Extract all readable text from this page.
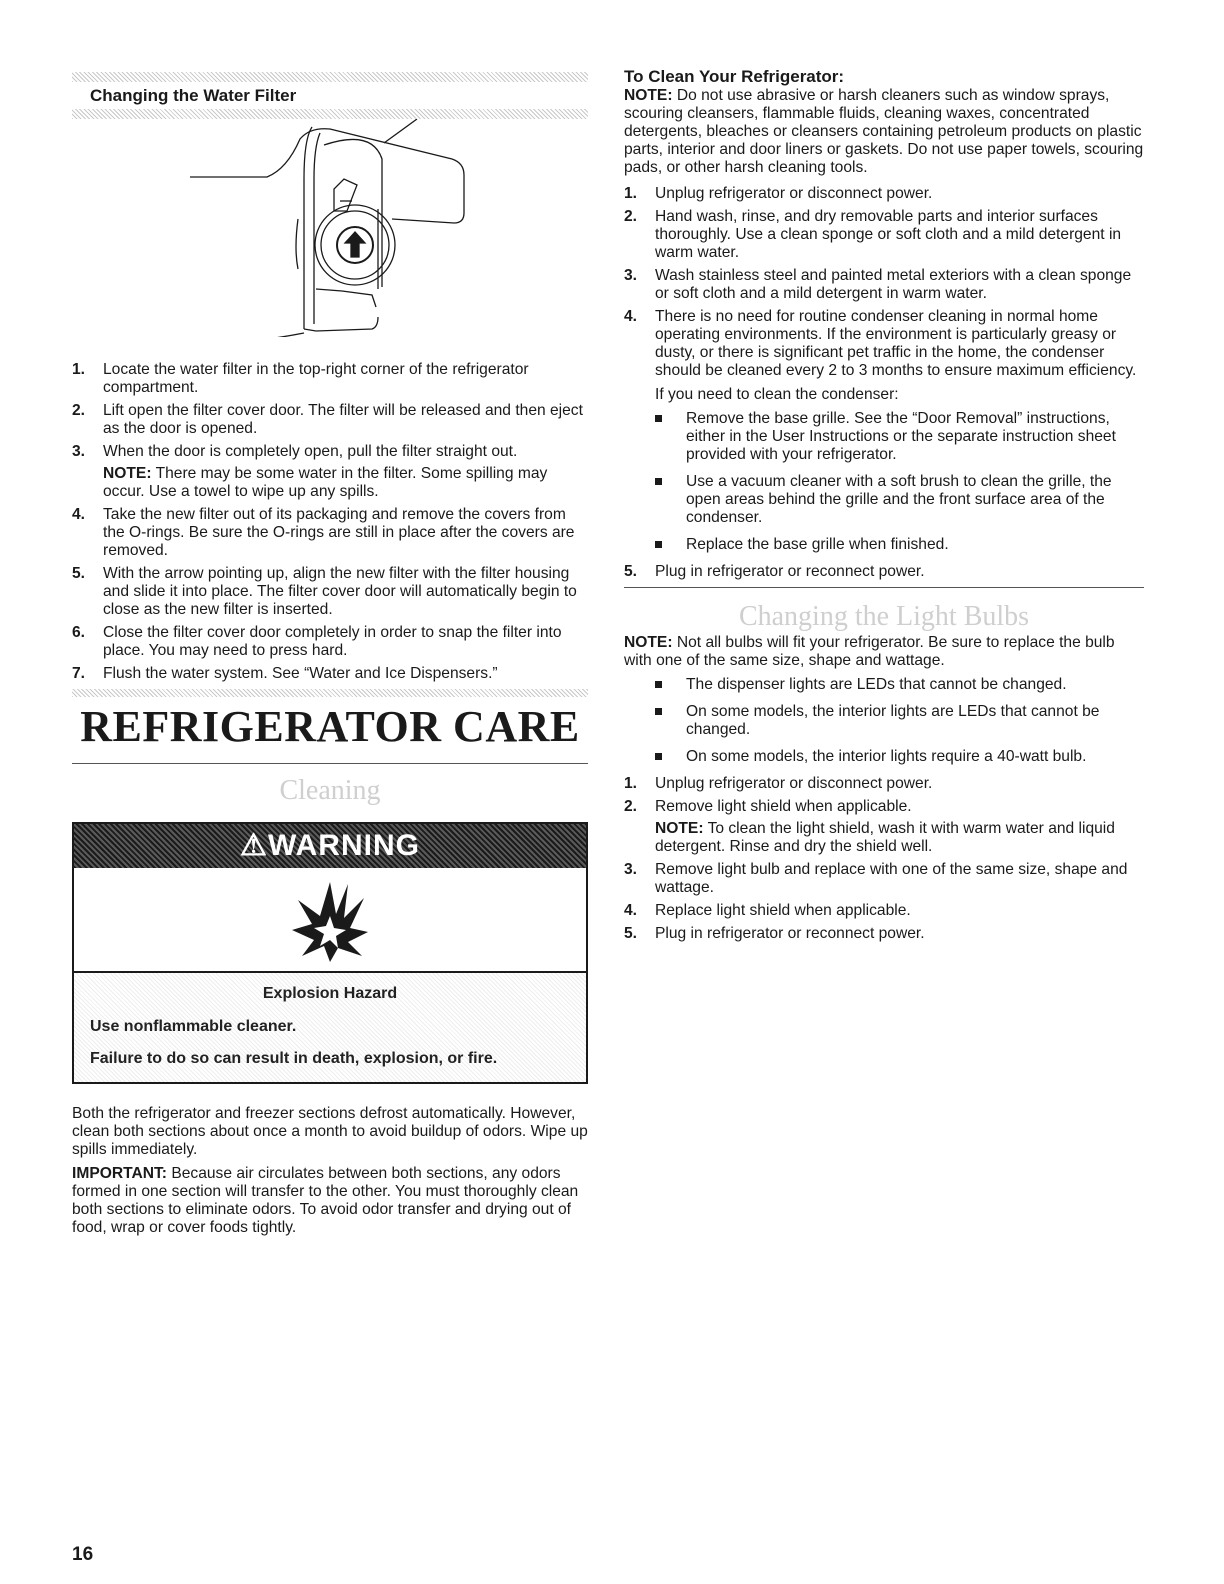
Changing the Water Filter
1. Locate the water filter in the top-right corner of the refrigerator compartment.
2. Lift open the filter cover door. The filter will be released and then eject as the door is opened.
3. When the door is completely open, pull the filter straight out.
NOTE: There may be some water in the filter. Some spilling may occur. Use a towel to wipe up any spills.
4. Take the new filter out of its packaging and remove the covers from the O-rings. Be sure the O-rings are still in place after the covers are removed.
5. With the arrow pointing up, align the new filter with the filter housing and slide it into place. The filter cover door will automatically begin to close as the new filter is inserted.
6. Close the filter cover door completely in order to snap the filter into place. You may need to press hard.
7. Flush the water system. See “Water and Ice Dispensers.”
REFRIGERATOR CARE
Cleaning
⚠WARNING

Explosion Hazard

Use nonflammable cleaner.

Failure to do so can result in death, explosion, or fire.

Both the refrigerator and freezer sections defrost automatically. However, clean both sections about once a month to avoid buildup of odors. Wipe up spills immediately.

IMPORTANT: Because air circulates between both sections, any odors formed in one section will transfer to the other. You must thoroughly clean both sections to eliminate odors. To avoid odor transfer and drying out of food, wrap or cover foods tightly.

To Clean Your Refrigerator:

NOTE: Do not use abrasive or harsh cleaners such as window sprays, scouring cleansers, flammable fluids, cleaning waxes, concentrated detergents, bleaches or cleansers containing petroleum products on plastic parts, interior and door liners or gaskets. Do not use paper towels, scouring pads, or other harsh cleaning tools.

1. Unplug refrigerator or disconnect power.
2. Hand wash, rinse, and dry removable parts and interior surfaces thoroughly. Use a clean sponge or soft cloth and a mild detergent in warm water.
3. Wash stainless steel and painted metal exteriors with a clean sponge or soft cloth and a mild detergent in warm water.
4. There is no need for routine condenser cleaning in normal home operating environments. If the environment is particularly greasy or dusty, or there is significant pet traffic in the home, the condenser should be cleaned every 2 to 3 months to ensure maximum efficiency.
If you need to clean the condenser:
Remove the base grille. See the “Door Removal” instructions, either in the User Instructions or the separate instruction sheet provided with your refrigerator.
Use a vacuum cleaner with a soft brush to clean the grille, the open areas behind the grille and the front surface area of the condenser.
Replace the base grille when finished.
5. Plug in refrigerator or reconnect power.
Changing the Light Bulbs

NOTE: Not all bulbs will fit your refrigerator. Be sure to replace the bulb with one of the same size, shape and wattage.

The dispenser lights are LEDs that cannot be changed.
On some models, the interior lights are LEDs that cannot be changed.
On some models, the interior lights require a 40-watt bulb.
1. Unplug refrigerator or disconnect power.
2. Remove light shield when applicable.
NOTE: To clean the light shield, wash it with warm water and liquid detergent. Rinse and dry the shield well.
3. Remove light bulb and replace with one of the same size, shape and wattage.
4. Replace light shield when applicable.
5. Plug in refrigerator or reconnect power.
16
